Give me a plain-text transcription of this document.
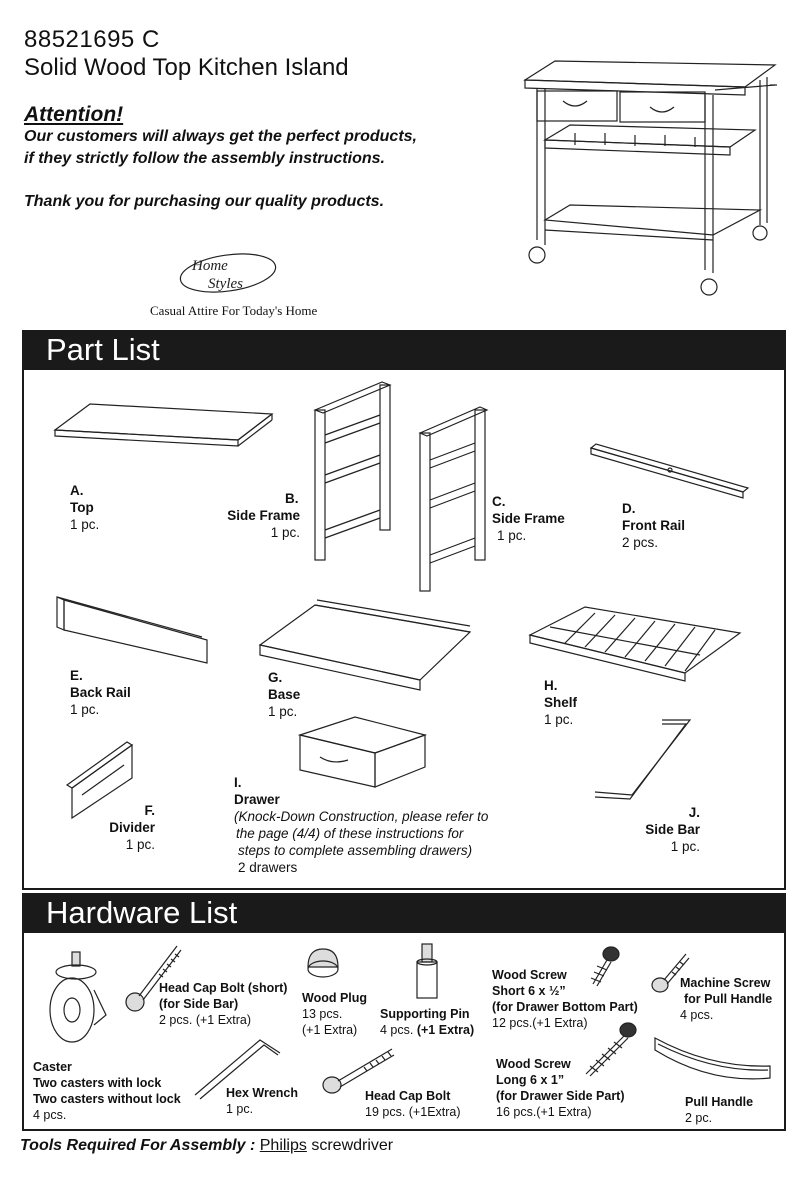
88521695 C
Solid Wood Top Kitchen Island
Attention!
Our customers will always get the perfect products,
if they strictly follow the assembly instructions.
Thank you for purchasing our quality products.
Home
Styles
Casual Attire For Today's Home
Part List
A.
Top
1 pc.
B.
Side Frame
1 pc.
C.
Side Frame
1 pc.
D.
Front Rail
2 pcs.
E.
Back Rail
1 pc.
G.
Base
1 pc.
H.
Shelf
1 pc.
F.
Divider
1 pc.
I.
Drawer
(Knock-Down Construction, please refer to
the page (4/4) of these instructions for
steps to complete assembling drawers)
2 drawers
J.
Side Bar
1 pc.
Hardware List
Caster
Two casters with lock
Two casters without lock
4 pcs.
Head Cap Bolt (short)
(for Side Bar)
2 pcs. (+1 Extra)
Hex Wrench
1 pc.
Wood Plug
13 pcs.
(+1 Extra)
Head Cap Bolt
19 pcs. (+1Extra)
Supporting Pin
4 pcs. (+1 Extra)
Wood Screw
Short 6 x ½”
(for Drawer Bottom Part)
12 pcs.(+1 Extra)
Wood Screw
Long 6 x 1”
(for Drawer Side Part)
16 pcs.(+1 Extra)
Machine Screw
for Pull Handle
4 pcs.
Pull Handle
2 pc.
Tools Required For Assembly : Philips screwdriver
